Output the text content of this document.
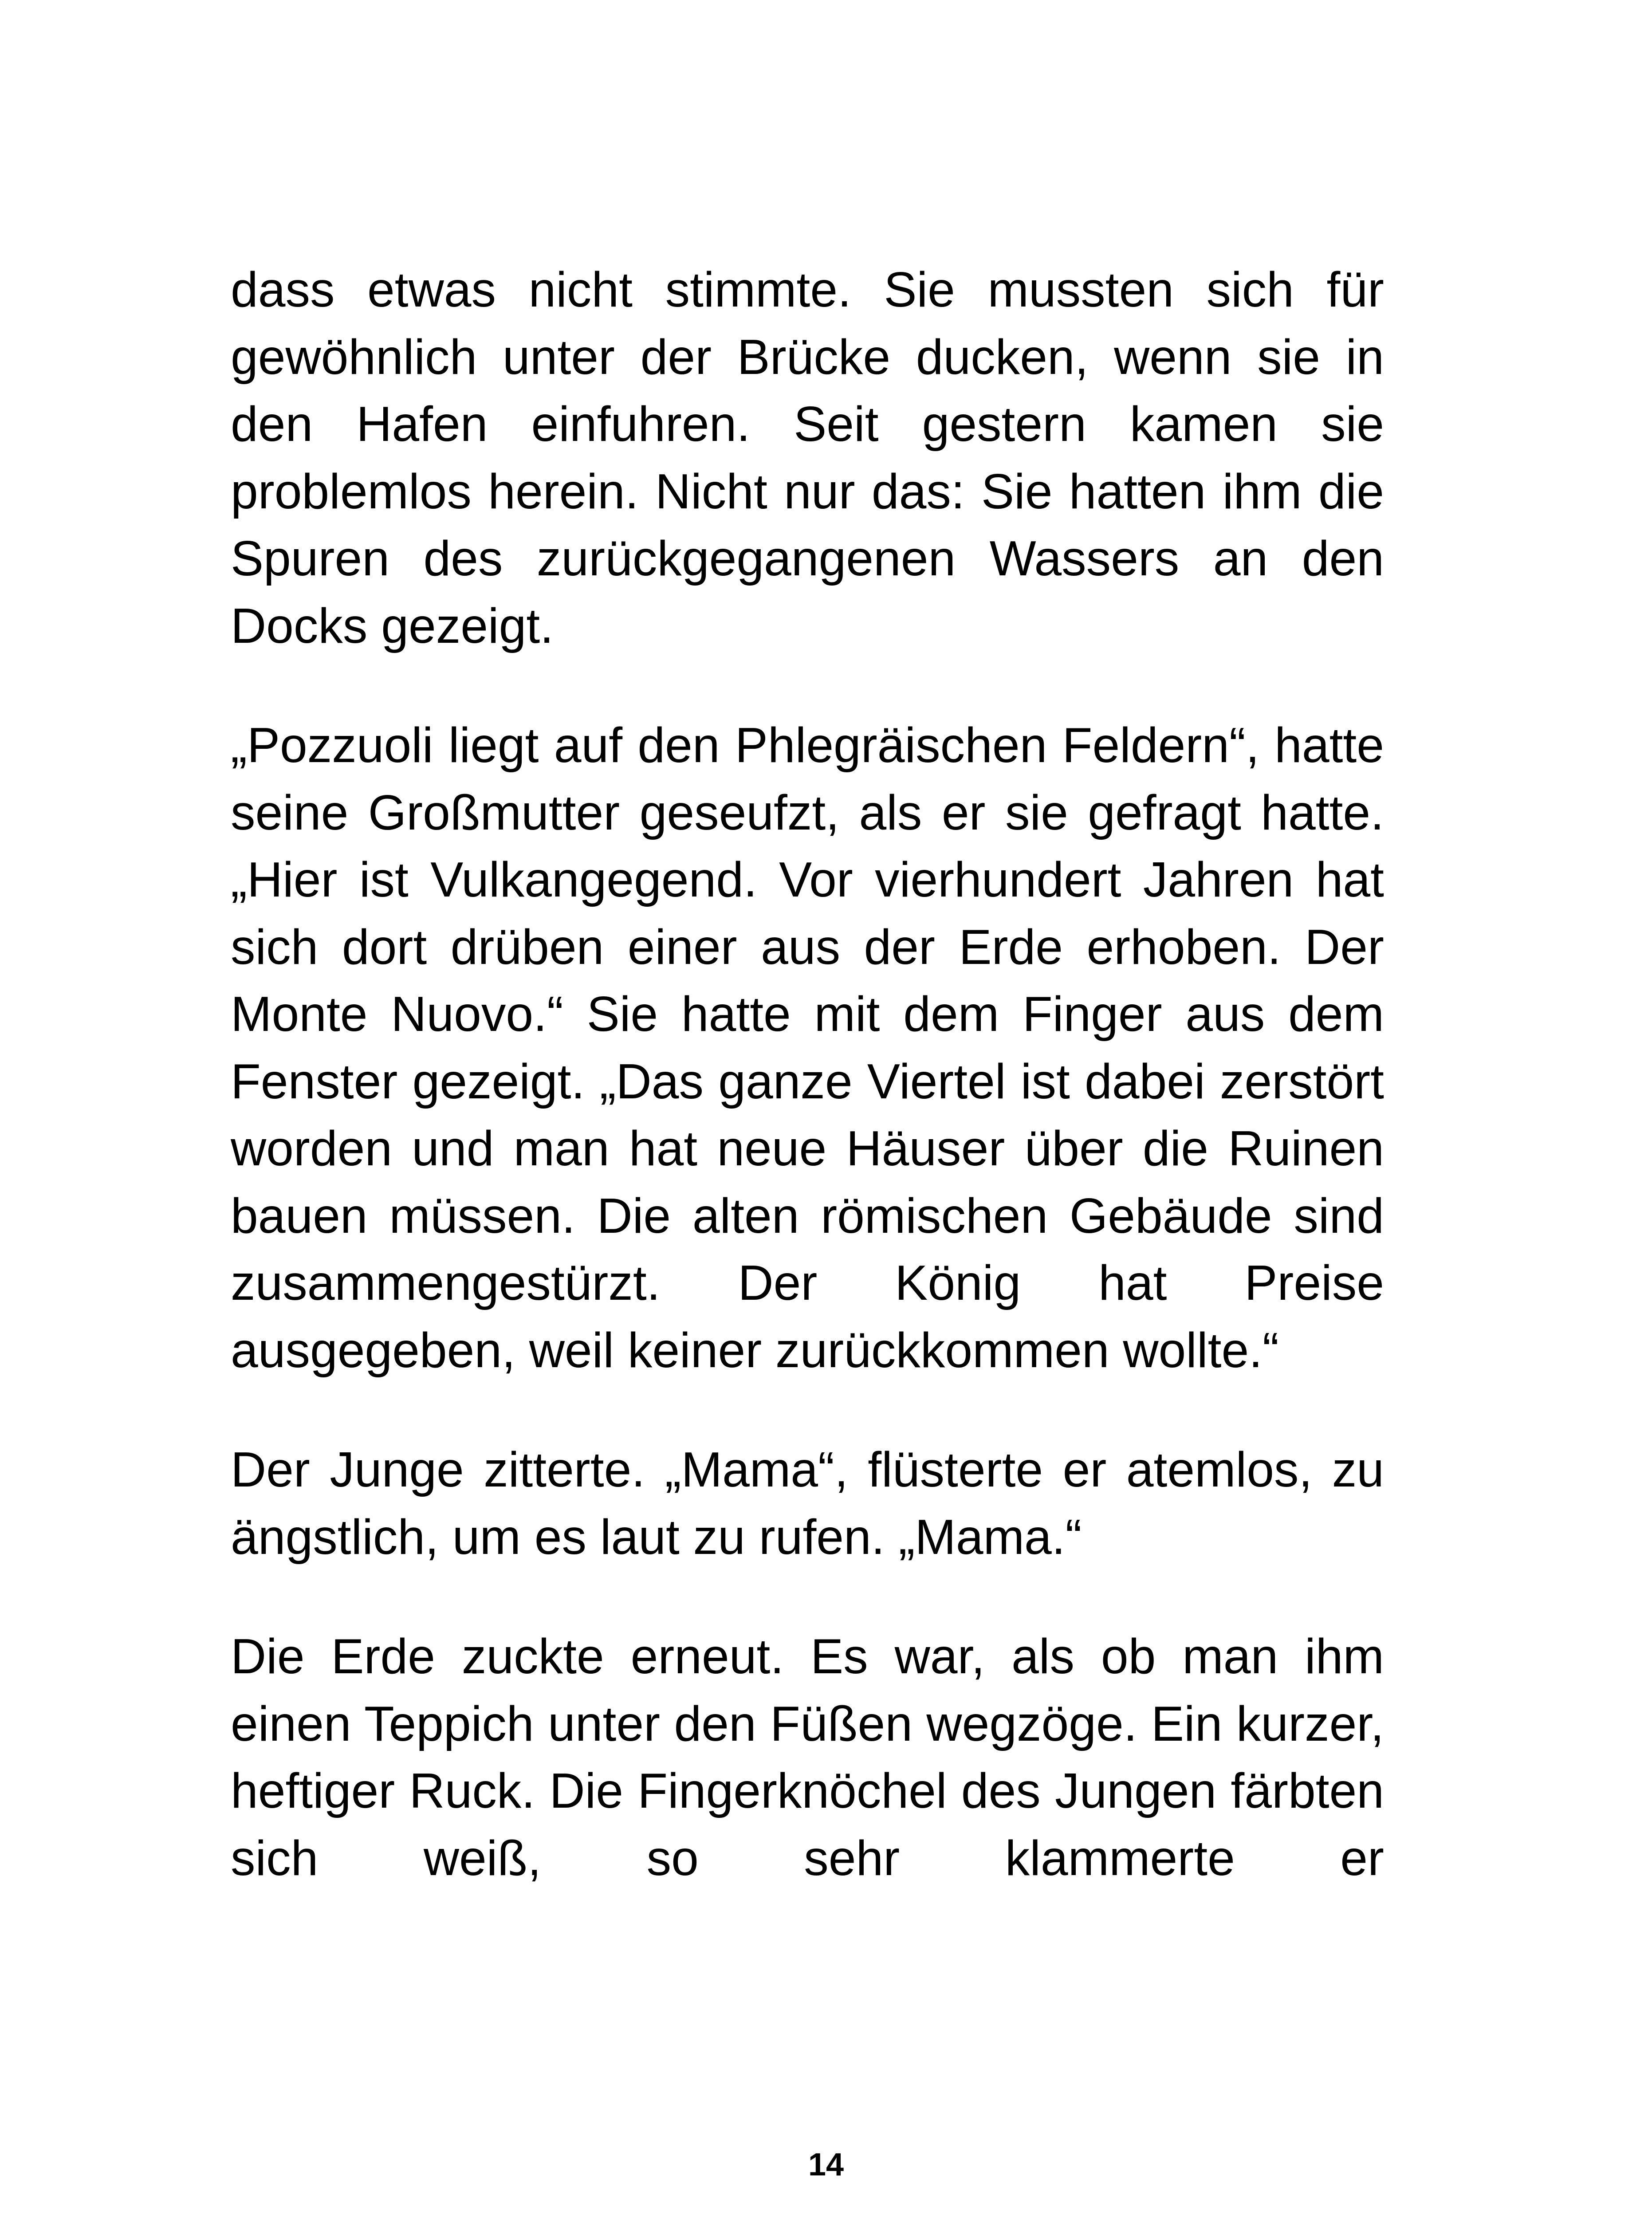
dass etwas nicht stimmte. Sie mussten sich für gewöhnlich unter der Brücke ducken, wenn sie in den Hafen einfuhren. Seit gestern kamen sie problemlos herein. Nicht nur das: Sie hatten ihm die Spuren des zurückgegangenen Wassers an den Docks gezeigt.

„Pozzuoli liegt auf den Phlegräischen Feldern“, hatte seine Großmutter geseufzt, als er sie gefragt hatte. „Hier ist Vulkangegend. Vor vierhundert Jahren hat sich dort drüben einer aus der Erde erhoben. Der Monte Nuovo.“ Sie hatte mit dem Finger aus dem Fenster gezeigt. „Das ganze Viertel ist dabei zerstört worden und man hat neue Häuser über die Ruinen bauen müssen. Die alten römischen Gebäude sind zusammengestürzt. Der König hat Preise ausgegeben, weil keiner zurückkommen wollte.“

Der Junge zitterte. „Mama“, flüsterte er atemlos, zu ängstlich, um es laut zu rufen. „Mama.“

Die Erde zuckte erneut. Es war, als ob man ihm einen Teppich unter den Füßen wegzöge. Ein kurzer, heftiger Ruck. Die Fingerknöchel des Jungen färbten sich weiß, so sehr klammerte er

14
